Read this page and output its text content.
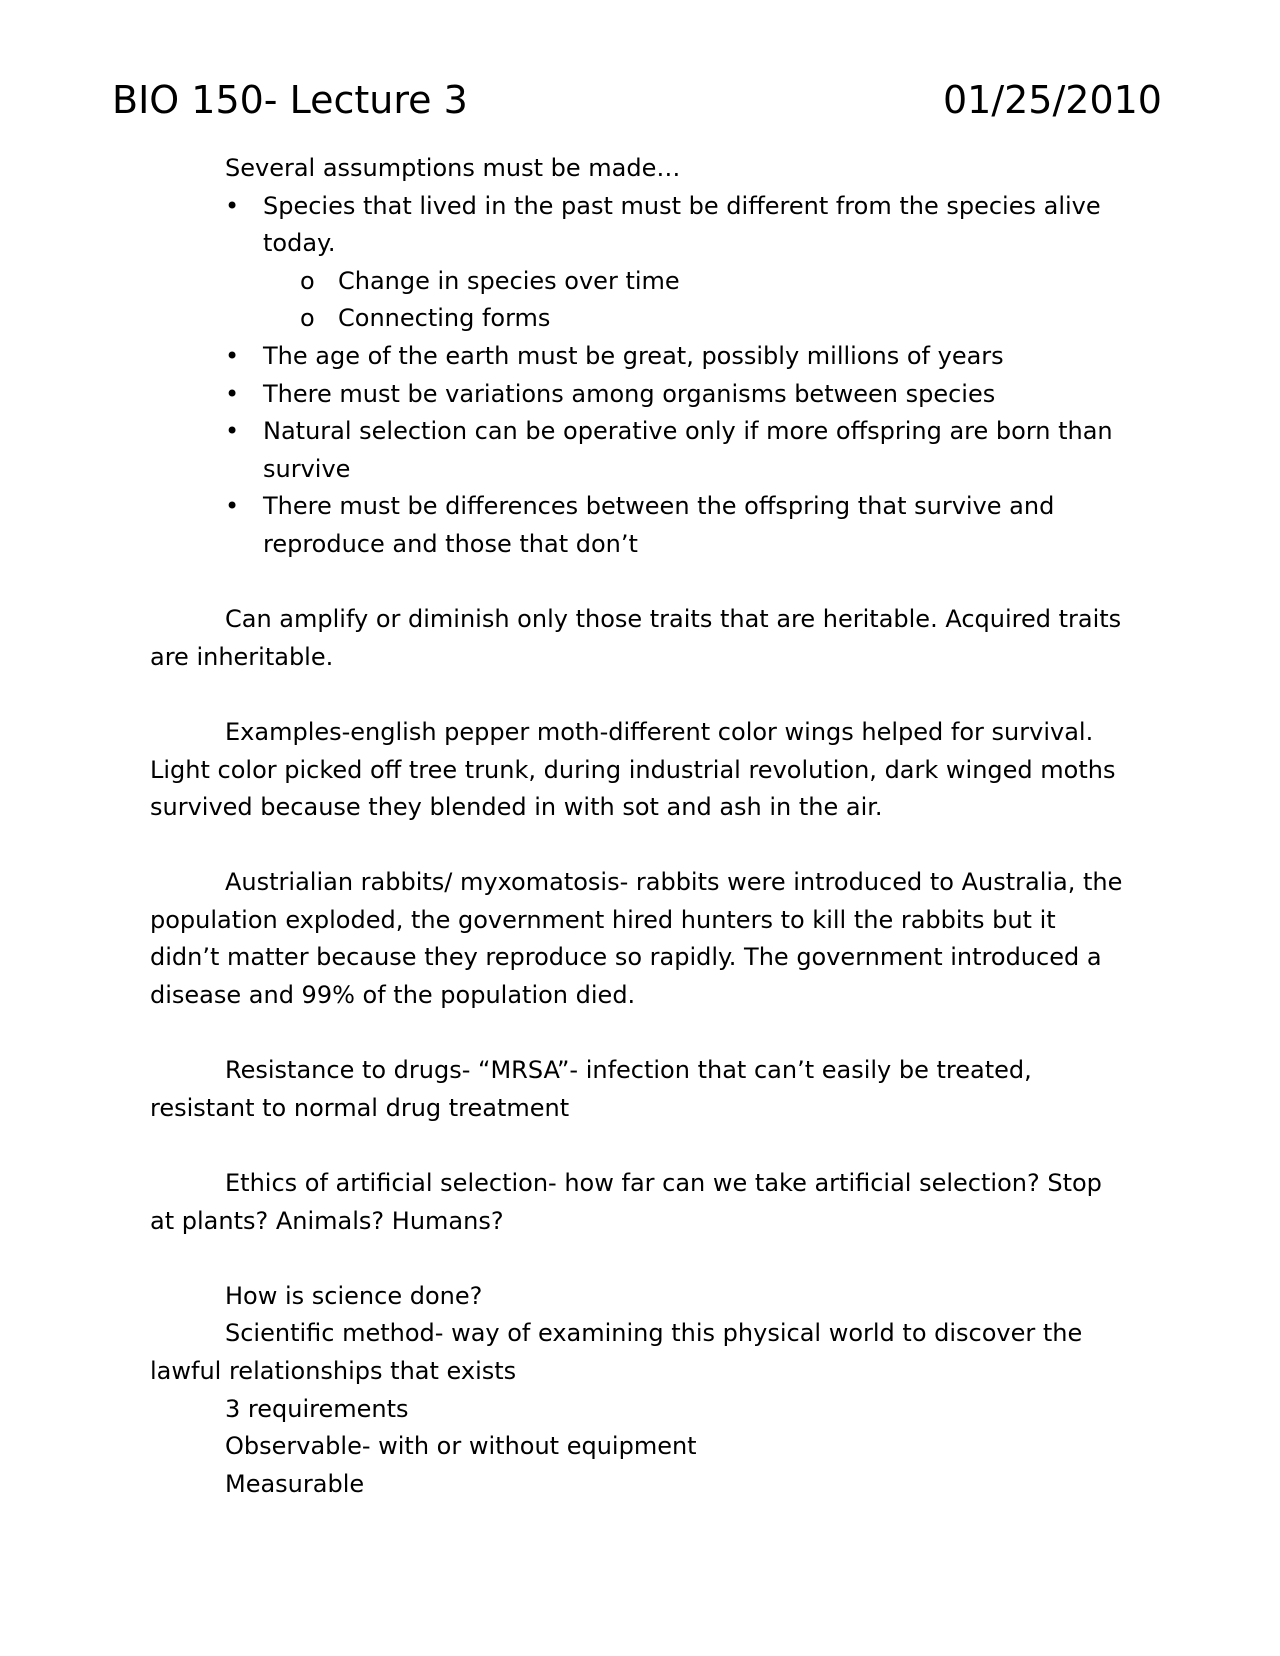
BIO 150- Lecture 3	01/25/2010

Several assumptions must be made…

• Species that lived in the past must be different from the species alive today.

o Change in species over time

o Connecting forms

• The age of the earth must be great, possibly millions of years

• There must be variations among organisms between species

• Natural selection can be operative only if more offspring are born than survive

• There must be differences between the offspring that survive and reproduce and those that don’t

Can amplify or diminish only those traits that are heritable. Acquired traits are inheritable.

Examples-english pepper moth-different color wings helped for survival. Light color picked off tree trunk, during industrial revolution, dark winged moths survived because they blended in with sot and ash in the air.

Austrialian rabbits/ myxomatosis- rabbits were introduced to Australia, the population exploded, the government hired hunters to kill the rabbits but it didn’t matter because they reproduce so rapidly. The government introduced a disease and 99% of the population died.

Resistance to drugs- “MRSA”- infection that can’t easily be treated, resistant to normal drug treatment

Ethics of artificial selection- how far can we take artificial selection? Stop at plants? Animals? Humans?

How is science done?

Scientific method- way of examining this physical world to discover the lawful relationships that exists

3 requirements

Observable- with or without equipment

Measurable
